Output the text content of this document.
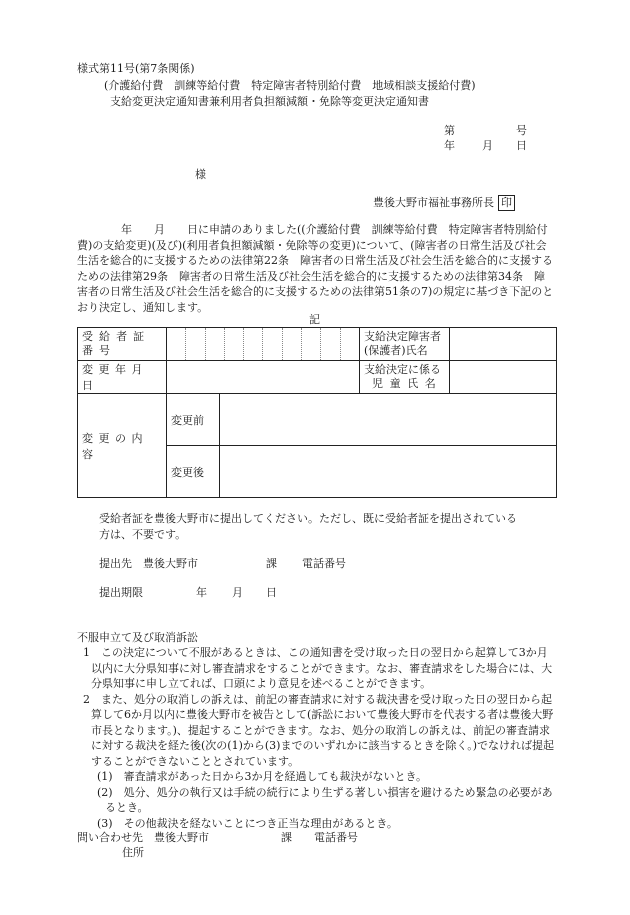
様式第11号(第7条関係)
(介護給付費　訓練等給付費　特定障害者特別給付費　地域相談支援給付費)
支給変更決定通知書兼利用者負担額減額・免除等変更決定通知書
第	号
年 月 日
様
豊後大野市福祉事務所長 印
年　　月　　日に申請のありました((介護給付費　訓練等給付費　特定障害者特別給付費)の支給変更)(及び)(利用者負担額減額・免除等の変更)について、(障害者の日常生活及び社会生活を総合的に支援するための法律第22条　障害者の日常生活及び社会生活を総合的に支援するための法律第29条　障害者の日常生活及び社会生活を総合的に支援するための法律第34条　障害者の日常生活及び社会生活を総合的に支援するための法律第51条の7)の規定に基づき下記のとおり決定し、通知します。
記
受給者証番号			支給決定障害者
(保護者)氏名	

変更年月日			支給決定に係る
児童氏名	

変更の内容	変更前			
	変更後			
受給者証を豊後大野市に提出してください。ただし、既に受給者証を提出されている
方は、不要です。
提出先　豊後大野市	課 電話番号
提出期限	年 月 日
不服申立て及び取消訴訟
1　この決定について不服があるときは、この通知書を受け取った日の翌日から起算して3か月以内に大分県知事に対し審査請求をすることができます。なお、審査請求をした場合には、大分県知事に申し立てれば、口頭により意見を述べることができます。
2　また、処分の取消しの訴えは、前記の審査請求に対する裁決書を受け取った日の翌日から起算して6か月以内に豊後大野市を被告として(訴訟において豊後大野市を代表する者は豊後大野市長となります。)、提起することができます。なお、処分の取消しの訴えは、前記の審査請求に対する裁決を経た後(次の(1)から(3)までのいずれかに該当するときを除く。)でなければ提起することができないこととされています。
(1)　審査請求があった日から3か月を経過しても裁決がないとき。
(2)　処分、処分の執行又は手続の続行により生ずる著しい損害を避けるため緊急の必要があるとき。
(3)　その他裁決を経ないことにつき正当な理由があるとき。
問い合わせ先　豊後大野市	課 電話番号
住所
